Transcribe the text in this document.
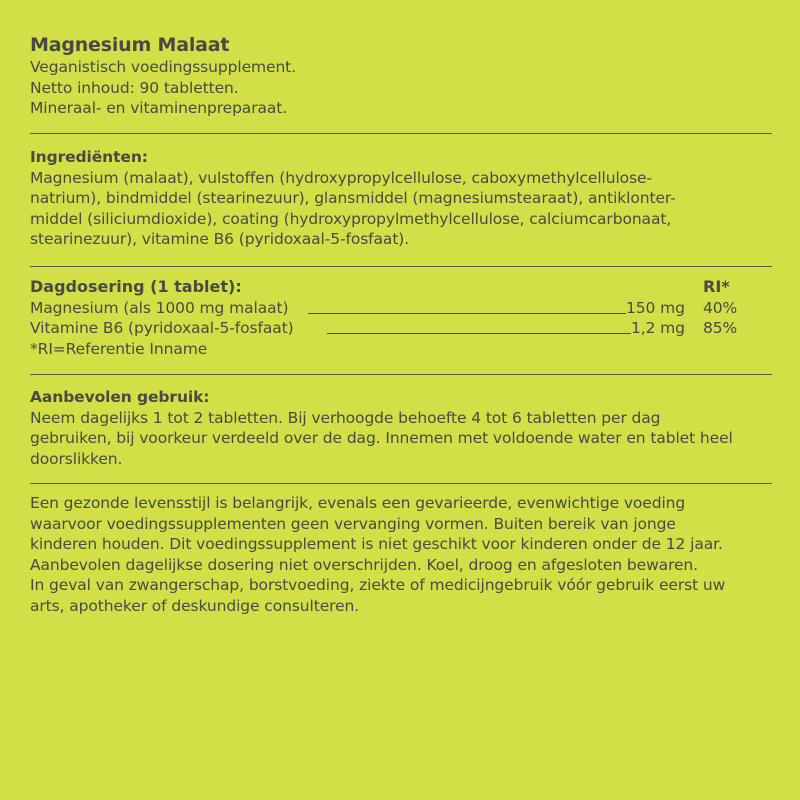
Magnesium Malaat
Veganistisch voedingssupplement.
Netto inhoud: 90 tabletten.
Mineraal- en vitaminenpreparaat.
Ingrediënten:
Magnesium (malaat), vulstoffen (hydroxypropylcellulose, caboxymethylcellulose-
natrium), bindmiddel (stearinezuur), glansmiddel (magnesiumstearaat), antiklonter-
middel (siliciumdioxide), coating (hydroxypropylmethylcellulose, calciumcarbonaat,
stearinezuur), vitamine B6 (pyridoxaal-5-fosfaat).
Dagdosering (1 tablet):	RI*
Magnesium (als 1000 mg malaat)	150 mg 40%
Vitamine B6 (pyridoxaal-5-fosfaat)	1,2 mg 85%
*RI=Referentie Inname
Aanbevolen gebruik:
Neem dagelijks 1 tot 2 tabletten. Bij verhoogde behoefte 4 tot 6 tabletten per dag
gebruiken, bij voorkeur verdeeld over de dag. Innemen met voldoende water en tablet heel
doorslikken.
Een gezonde levensstijl is belangrijk, evenals een gevarieerde, evenwichtige voeding
waarvoor voedingssupplementen geen vervanging vormen. Buiten bereik van jonge
kinderen houden. Dit voedingssupplement is niet geschikt voor kinderen onder de 12 jaar.
Aanbevolen dagelijkse dosering niet overschrijden. Koel, droog en afgesloten bewaren.
In geval van zwangerschap, borstvoeding, ziekte of medicijngebruik vóór gebruik eerst uw
arts, apotheker of deskundige consulteren.
